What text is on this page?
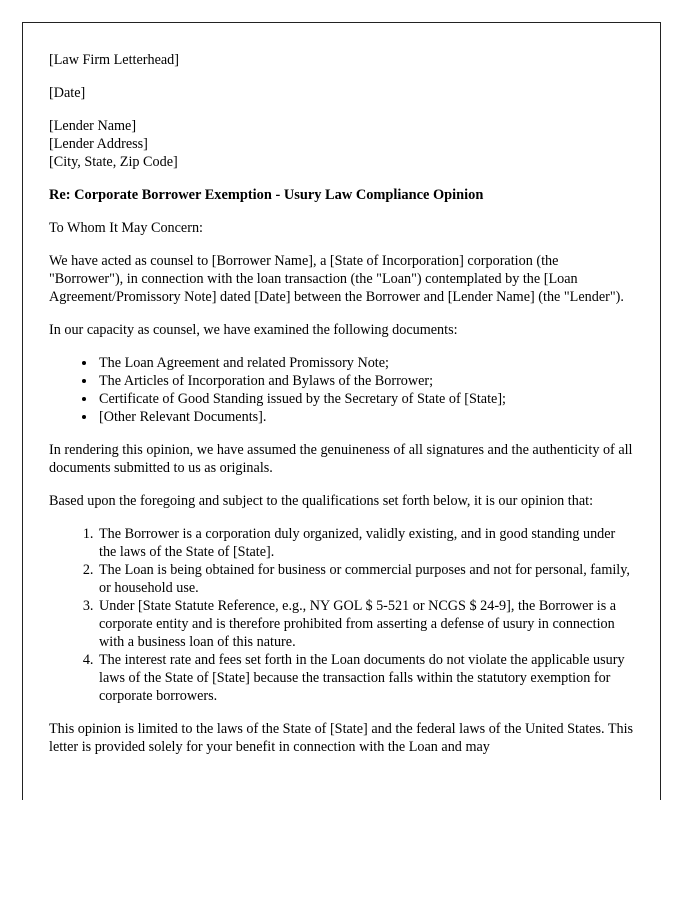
[Law Firm Letterhead]

[Date]

[Lender Name]
[Lender Address]
[City, State, Zip Code]
Re: Corporate Borrower Exemption - Usury Law Compliance Opinion

To Whom It May Concern:

We have acted as counsel to [Borrower Name], a [State of Incorporation] corporation (the "Borrower"), in connection with the loan transaction (the "Loan") contemplated by the [Loan Agreement/Promissory Note] dated [Date] between the Borrower and [Lender Name] (the "Lender").

In our capacity as counsel, we have examined the following documents:

• The Loan Agreement and related Promissory Note;
• The Articles of Incorporation and Bylaws of the Borrower;
• Certificate of Good Standing issued by the Secretary of State of [State];
• [Other Relevant Documents].

In rendering this opinion, we have assumed the genuineness of all signatures and the authenticity of all documents submitted to us as originals.

Based upon the foregoing and subject to the qualifications set forth below, it is our opinion that:

1. The Borrower is a corporation duly organized, validly existing, and in good standing under the laws of the State of [State].
2. The Loan is being obtained for business or commercial purposes and not for personal, family, or household use.
3. Under [State Statute Reference, e.g., NY GOL $ 5-521 or NCGS $ 24-9], the Borrower is a corporate entity and is therefore prohibited from asserting a defense of usury in connection with a business loan of this nature.
4. The interest rate and fees set forth in the Loan documents do not violate the applicable usury laws of the State of [State] because the transaction falls within the statutory exemption for corporate borrowers.

This opinion is limited to the laws of the State of [State] and the federal laws of the United States. This letter is provided solely for your benefit in connection with the Loan and may
